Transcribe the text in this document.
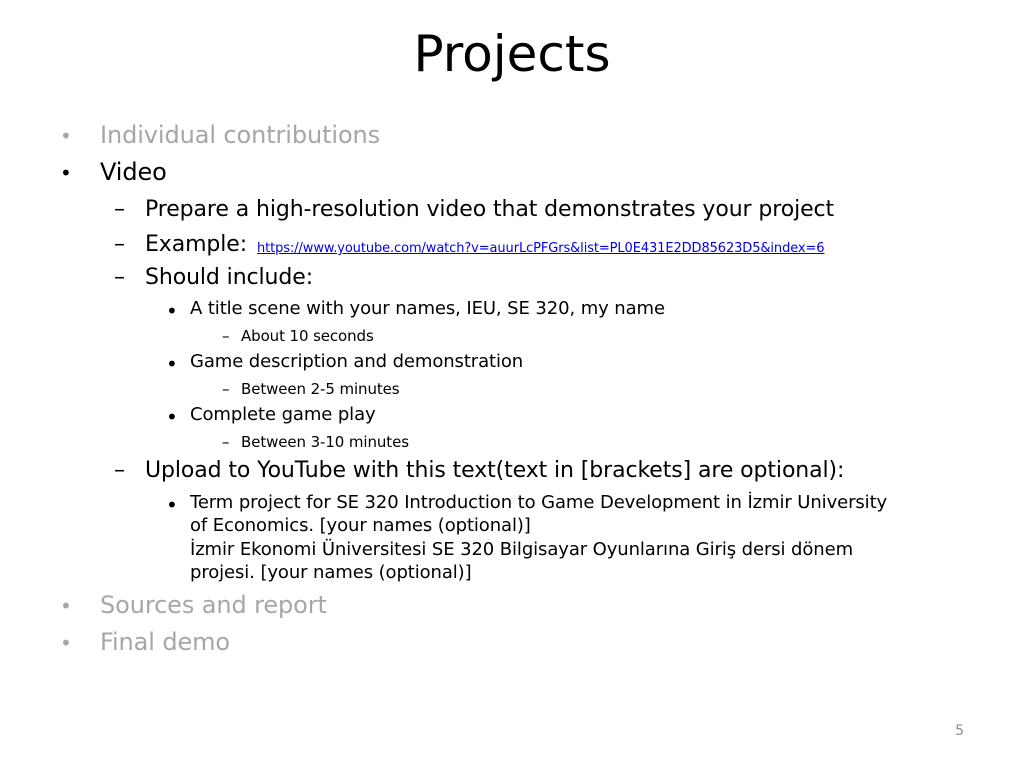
Projects
• Individual contributions
• Video
– Prepare a high-resolution video that demonstrates your project
– Example: https://www.youtube.com/watch?v=auurLcPFGrs&list=PL0E431E2DD85623D5&index=6
– Should include:
• A title scene with your names, IEU, SE 320, my name
– About 10 seconds
• Game description and demonstration
– Between 2-5 minutes
• Complete game play
– Between 3-10 minutes
– Upload to YouTube with this text(text in [brackets] are optional):
• Term project for SE 320 Introduction to Game Development in İzmir University
of Economics. [your names (optional)]
İzmir Ekonomi Üniversitesi SE 320 Bilgisayar Oyunlarına Giriş dersi dönem
projesi. [your names (optional)]
• Sources and report
• Final demo
5
